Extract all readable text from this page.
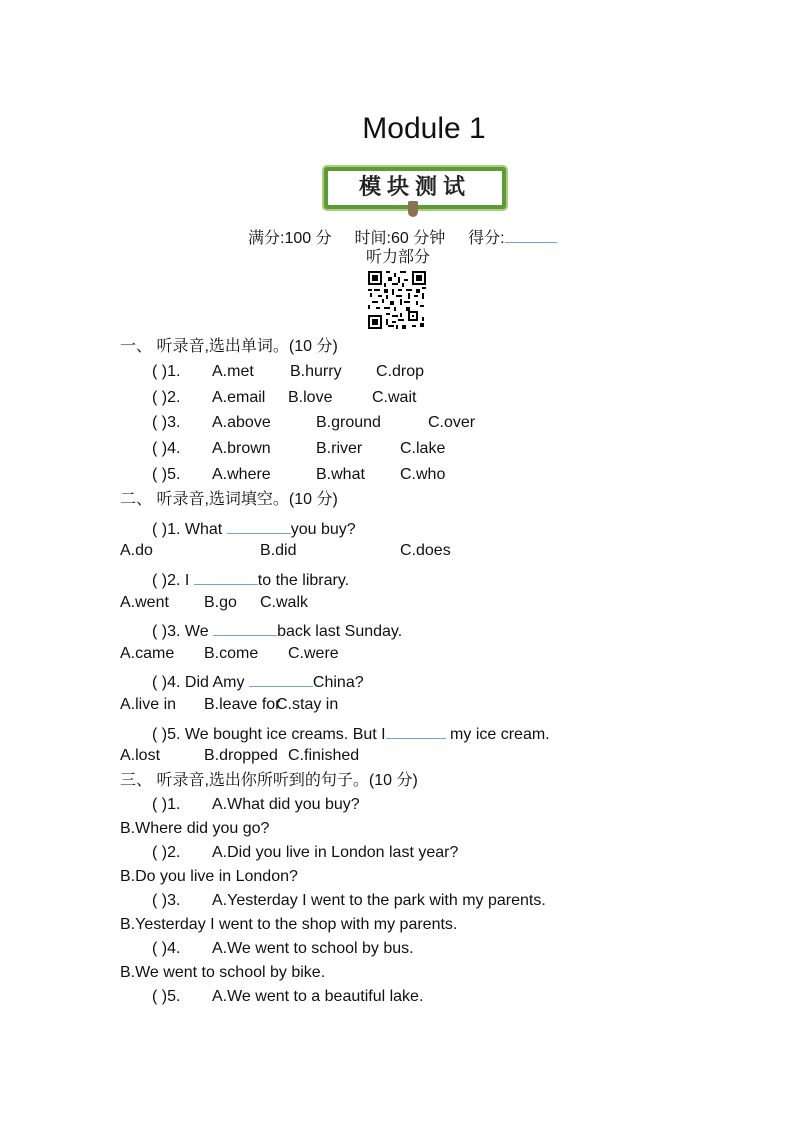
Module 1
模块测试
满分:100 分 时间:60 分钟 得分:
听力部分
一、 听录音,选出单词。(10 分)
( )1. A.met B.hurry C.drop
( )2. A.email B.love C.wait
( )3. A.above	B.ground	C.over
( )4. A.brown	B.river C.lake
( )5. A.where	B.what C.who
二、 听录音,选词填空。(10 分)
( )1. What	you buy?
A.do	B.did	C.does
( )2. I	to the library.
A.went B.go C.walk
( )3. We	back last Sunday.
A.came B.come C.were
( )4. Did Amy	China?
A.live in B.leave for
C.stay in
( )5. We bought ice creams. But I	my ice cream.
A.lost	B.dropped C.finished
三、 听录音,选出你所听到的句子。(10 分)
( )1. A.What did you buy?
B.Where did you go?
( )2. A.Did you live in London last year?
B.Do you live in London?
( )3. A.Yesterday I went to the park with my parents.
B.Yesterday I went to the shop with my parents.
( )4. A.We went to school by bus.
B.We went to school by bike.
( )5. A.We went to a beautiful lake.
